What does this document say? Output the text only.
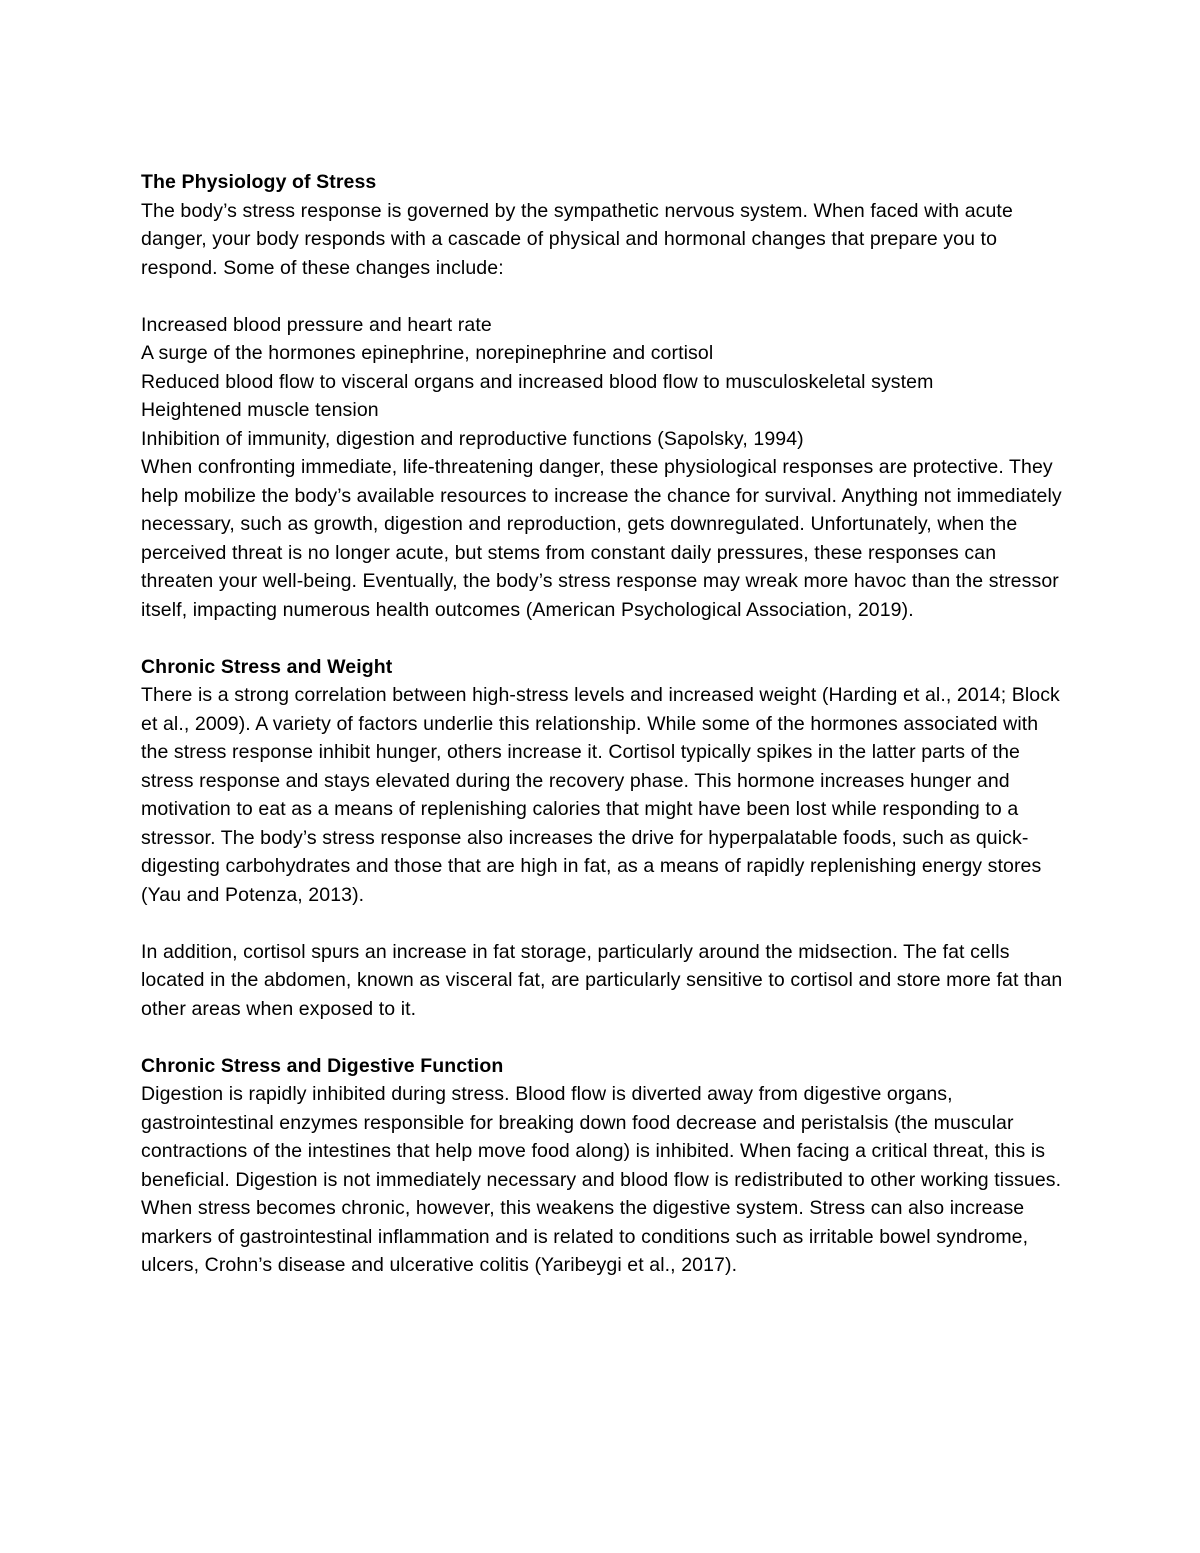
The Physiology of Stress

The body’s stress response is governed by the sympathetic nervous system. When faced with acute danger, your body responds with a cascade of physical and hormonal changes that prepare you to respond. Some of these changes include:

Increased blood pressure and heart rate
A surge of the hormones epinephrine, norepinephrine and cortisol
Reduced blood flow to visceral organs and increased blood flow to musculoskeletal system
Heightened muscle tension
Inhibition of immunity, digestion and reproductive functions (Sapolsky, 1994)

When confronting immediate, life-threatening danger, these physiological responses are protective. They help mobilize the body’s available resources to increase the chance for survival. Anything not immediately necessary, such as growth, digestion and reproduction, gets downregulated. Unfortunately, when the perceived threat is no longer acute, but stems from constant daily pressures, these responses can threaten your well-being. Eventually, the body’s stress response may wreak more havoc than the stressor itself, impacting numerous health outcomes (American Psychological Association, 2019).

Chronic Stress and Weight

There is a strong correlation between high-stress levels and increased weight (Harding et al., 2014; Block et al., 2009). A variety of factors underlie this relationship. While some of the hormones associated with the stress response inhibit hunger, others increase it. Cortisol typically spikes in the latter parts of the stress response and stays elevated during the recovery phase. This hormone increases hunger and motivation to eat as a means of replenishing calories that might have been lost while responding to a stressor. The body’s stress response also increases the drive for hyperpalatable foods, such as quick-digesting carbohydrates and those that are high in fat, as a means of rapidly replenishing energy stores (Yau and Potenza, 2013).

In addition, cortisol spurs an increase in fat storage, particularly around the midsection. The fat cells located in the abdomen, known as visceral fat, are particularly sensitive to cortisol and store more fat than other areas when exposed to it.

Chronic Stress and Digestive Function

Digestion is rapidly inhibited during stress. Blood flow is diverted away from digestive organs, gastrointestinal enzymes responsible for breaking down food decrease and peristalsis (the muscular contractions of the intestines that help move food along) is inhibited. When facing a critical threat, this is beneficial. Digestion is not immediately necessary and blood flow is redistributed to other working tissues. When stress becomes chronic, however, this weakens the digestive system. Stress can also increase markers of gastrointestinal inflammation and is related to conditions such as irritable bowel syndrome, ulcers, Crohn’s disease and ulcerative colitis (Yaribeygi et al., 2017).
